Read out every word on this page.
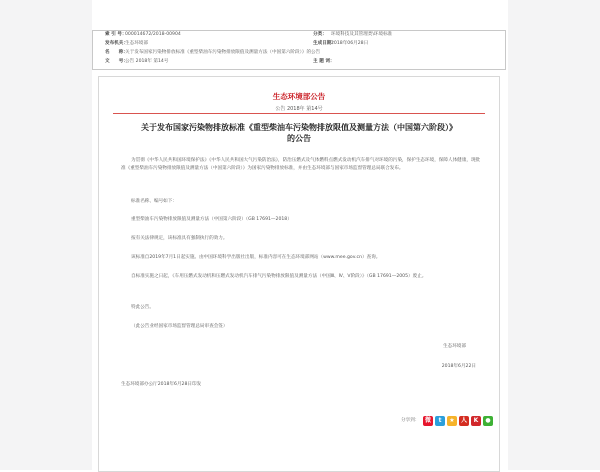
索 引 号：
000014672/2018-00904	分类： 环境科技及其管理类\环境标准
发布机关：
生态环境部	生成日期：
2018年06月28日
名　　称：
关于发布国家污染物排放标准《重型柴油车污染物排放限值及测量方法（中国第六阶段）》的公告
文　　号：
公告 2018年 第14号	主 题 词：
生态环境部公告
公告 2018年 第14号
关于发布国家污染物排放标准《重型柴油车污染物排放限值及测量方法（中国第六阶段）》的公告
为贯彻《中华人民共和国环境保护法》《中华人民共和国大气污染防治法》，防治压燃式及气体燃料点燃式发动机汽车排气对环境的污染，保护生态环境，保障人体健康，现批准《重型柴油车污染物排放限值及测量方法（中国第六阶段）》为国家污染物排放标准，并由生态环境部与国家市场监督管理总局联合发布。
标准名称、编号如下：
重型柴油车污染物排放限值及测量方法（中国第六阶段）（GB 17691—2018）
按有关法律规定，该标准具有强制执行的效力。
该标准自2019年7月1日起实施。由中国环境科学出版社出版，标准内容可在生态环境部网站（www.mee.gov.cn）查询。
自标准实施之日起，《车用压燃式发动机和压燃式发动机汽车排气污染物排放限值及测量方法（中国Ⅲ、Ⅳ、Ⅴ阶段）》（GB 17691—2005）废止。
特此公告。
（此公告业经国家市场监督管理总局审查会签）
生态环境部
2018年6月22日
生态环境部办公厅2018年6月28日印发
分享到： 微	t	★	人	K	●
